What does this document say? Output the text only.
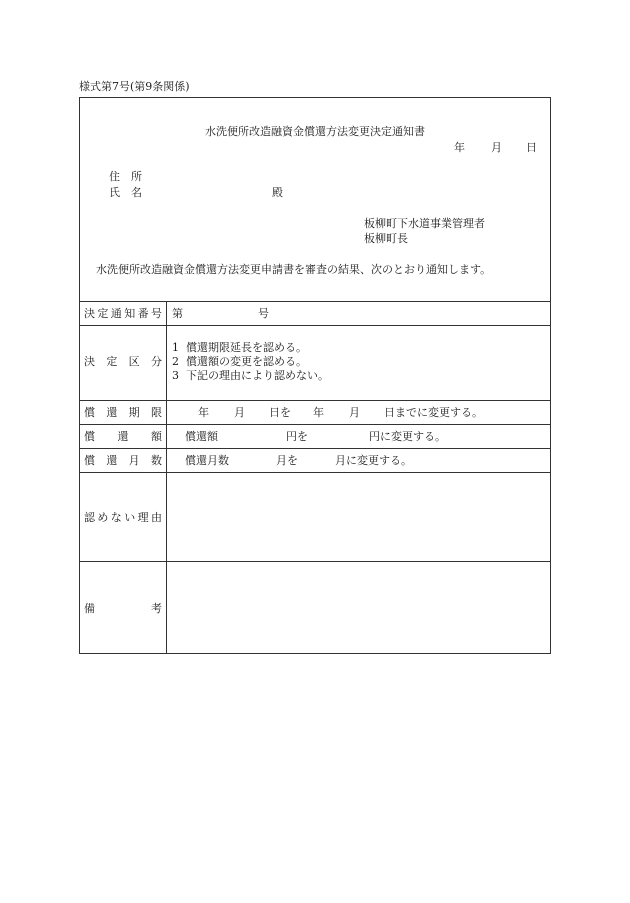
様式第7号(第9条関係)
水洗便所改造融資金償還方法変更決定通知書
年 月 日
住　所
氏　名	殿
板柳町下水道事業管理者
板柳町長
水洗便所改造融資金償還方法変更申請書を審査の結果、次のとおり通知します。
決定通知番号 第	号
決定区分
1 償還期限延長を認める。
2 償還額の変更を認める。
3 下記の理由により認めない。
償還期限	年 月 日を 年 月 日までに変更する。
償還額 償還額	円を	円に変更する。
償還月数 償還月数	月を	月に変更する。
認めない理由
備考
